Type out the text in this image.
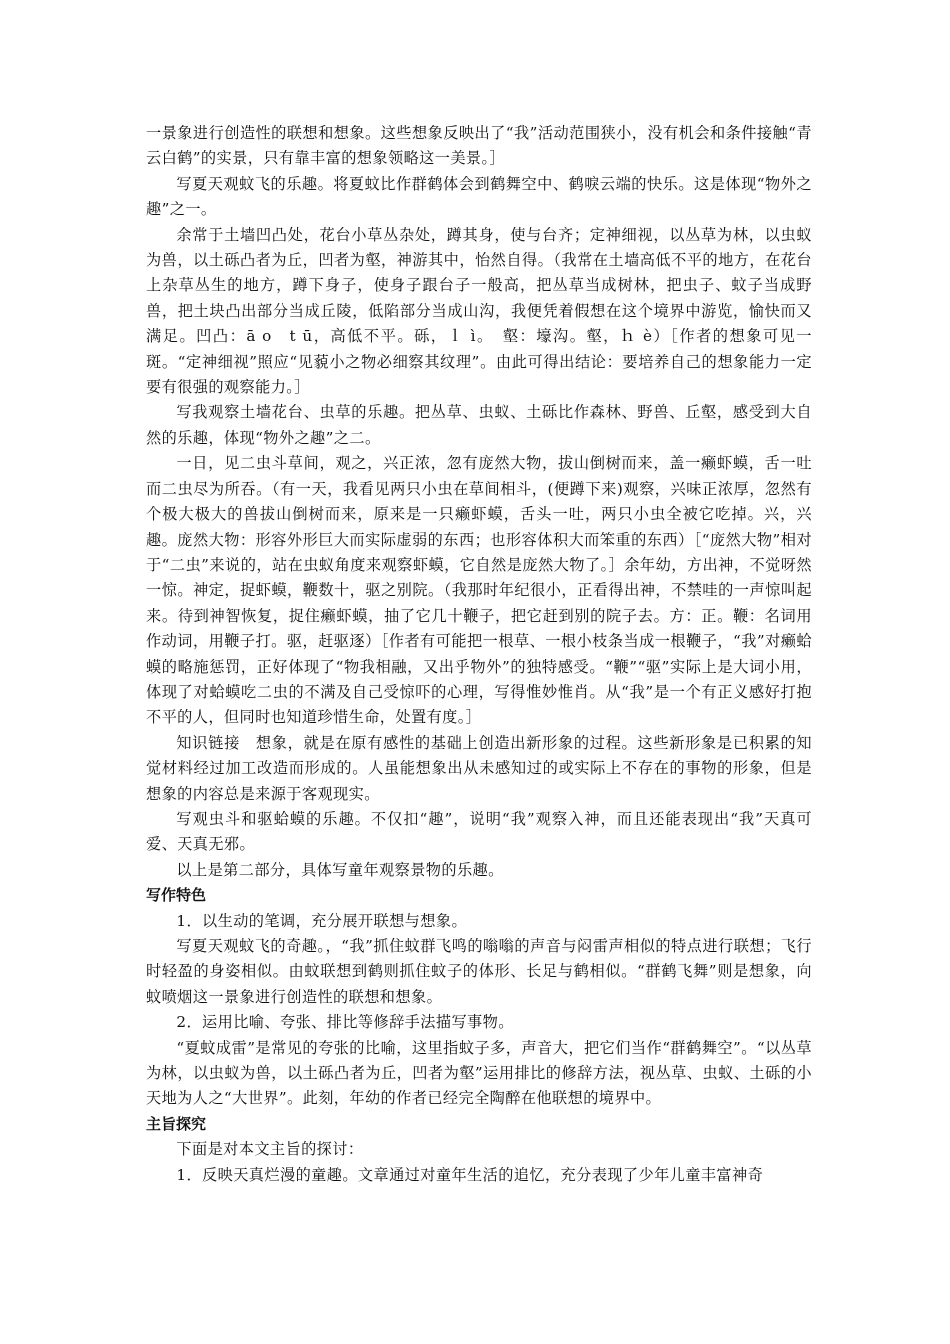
一景象进行创造性的联想和想象。这些想象反映出了“我”活动范围狭小，没有机会和条件接触“青云白鹤”的实景，只有靠丰富的想象领略这一美景。］

写夏天观蚊飞的乐趣。将夏蚊比作群鹤体会到鹤舞空中、鹤唳云端的快乐。这是体现“物外之趣”之一。

余常于土墙凹凸处，花台小草丛杂处，蹲其身，使与台齐；定神细视，以丛草为林，以虫蚁为兽，以土砾凸者为丘，凹者为壑，神游其中，怡然自得。（我常在土墙高低不平的地方，在花台上杂草丛生的地方，蹲下身子，使身子跟台子一般高，把丛草当成树林，把虫子、蚊子当成野兽，把土块凸出部分当成丘陵，低陷部分当成山沟，我便凭着假想在这个境界中游览，愉快而又满足。凹凸：ā o　t ū，高低不平。砾，ｌ ì。　壑：壕沟。壑，ｈ è）［作者的想象可见一斑。“定神细视”照应“见藐小之物必细察其纹理”。由此可得出结论：要培养自己的想象能力一定要有很强的观察能力。］

写我观察土墙花台、虫草的乐趣。把丛草、虫蚁、土砾比作森林、野兽、丘壑，感受到大自然的乐趣，体现“物外之趣”之二。

一日，见二虫斗草间，观之，兴正浓，忽有庞然大物，拔山倒树而来，盖一癞虾蟆，舌一吐而二虫尽为所吞。（有一天，我看见两只小虫在草间相斗，(便蹲下来)观察，兴味正浓厚，忽然有个极大极大的兽拔山倒树而来，原来是一只癞虾蟆，舌头一吐，两只小虫全被它吃掉。兴，兴趣。庞然大物：形容外形巨大而实际虚弱的东西；也形容体积大而笨重的东西）［“庞然大物”相对于“二虫”来说的，站在虫蚁角度来观察虾蟆，它自然是庞然大物了。］余年幼，方出神，不觉呀然一惊。神定，捉虾蟆，鞭数十，驱之别院。（我那时年纪很小，正看得出神，不禁哇的一声惊叫起来。待到神智恢复，捉住癞虾蟆，抽了它几十鞭子，把它赶到别的院子去。方：正。鞭：名词用作动词，用鞭子打。驱，赶驱逐）［作者有可能把一根草、一根小枝条当成一根鞭子，“我”对癞蛤蟆的略施惩罚，正好体现了“物我相融，又出乎物外”的独特感受。“鞭”“驱”实际上是大词小用，体现了对蛤蟆吃二虫的不满及自己受惊吓的心理，写得惟妙惟肖。从“我”是一个有正义感好打抱不平的人，但同时也知道珍惜生命，处置有度。］

知识链接　想象，就是在原有感性的基础上创造出新形象的过程。这些新形象是已积累的知觉材料经过加工改造而形成的。人虽能想象出从未感知过的或实际上不存在的事物的形象，但是想象的内容总是来源于客观现实。

写观虫斗和驱蛤蟆的乐趣。不仅扣“趣”，说明“我”观察入神，而且还能表现出“我”天真可爱、天真无邪。

以上是第二部分，具体写童年观察景物的乐趣。

写作特色

1．以生动的笔调，充分展开联想与想象。

写夏天观蚊飞的奇趣。，“我”抓住蚊群飞鸣的嗡嗡的声音与闷雷声相似的特点进行联想；飞行时轻盈的身姿相似。由蚊联想到鹤则抓住蚊子的体形、长足与鹤相似。“群鹤飞舞”则是想象，向蚊喷烟这一景象进行创造性的联想和想象。

2．运用比喻、夸张、排比等修辞手法描写事物。

“夏蚊成雷”是常见的夸张的比喻，这里指蚊子多，声音大，把它们当作“群鹤舞空”。“以丛草为林，以虫蚁为兽，以土砾凸者为丘，凹者为壑”运用排比的修辞方法，视丛草、虫蚁、土砾的小天地为人之“大世界”。此刻，年幼的作者已经完全陶醉在他联想的境界中。

主旨探究

下面是对本文主旨的探讨：

1．反映天真烂漫的童趣。文章通过对童年生活的追忆，充分表现了少年儿童丰富神奇
